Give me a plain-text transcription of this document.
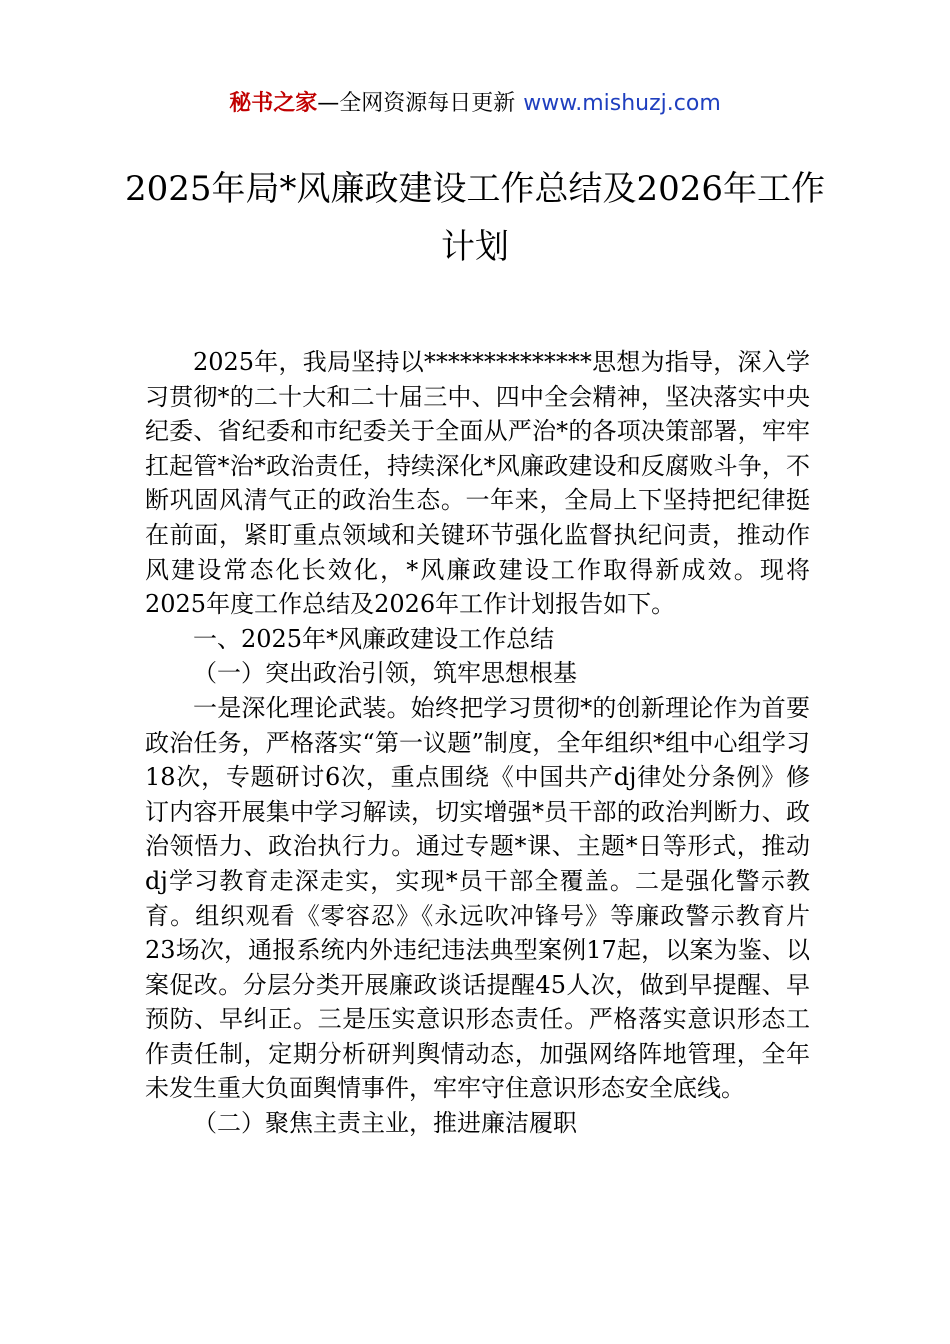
秘书之家—全网资源每日更新 www.mishuzj.com
2025年局*风廉政建设工作总结及2026年工作计划

2025年，我局坚持以**************思想为指导，深入学习贯彻*的二十大和二十届三中、四中全会精神，坚决落实中央纪委、省纪委和市纪委关于全面从严治*的各项决策部署，牢牢扛起管*治*政治责任，持续深化*风廉政建设和反腐败斗争，不断巩固风清气正的政治生态。一年来，全局上下坚持把纪律挺在前面，紧盯重点领域和关键环节强化监督执纪问责，推动作风建设常态化长效化，*风廉政建设工作取得新成效。现将2025年度工作总结及2026年工作计划报告如下。

一、2025年*风廉政建设工作总结

（一）突出政治引领，筑牢思想根基

一是深化理论武装。始终把学习贯彻*的创新理论作为首要政治任务，严格落实“第一议题”制度，全年组织*组中心组学习18次，专题研讨6次，重点围绕《中国共产dj律处分条例》修订内容开展集中学习解读，切实增强*员干部的政治判断力、政治领悟力、政治执行力。通过专题*课、主题*日等形式，推动dj学习教育走深走实，实现*员干部全覆盖。二是强化警示教育。组织观看《零容忍》《永远吹冲锋号》等廉政警示教育片23场次，通报系统内外违纪违法典型案例17起，以案为鉴、以案促改。分层分类开展廉政谈话提醒45人次，做到早提醒、早预防、早纠正。三是压实意识形态责任。严格落实意识形态工作责任制，定期分析研判舆情动态，加强网络阵地管理，全年未发生重大负面舆情事件，牢牢守住意识形态安全底线。

（二）聚焦主责主业，推进廉洁履职
